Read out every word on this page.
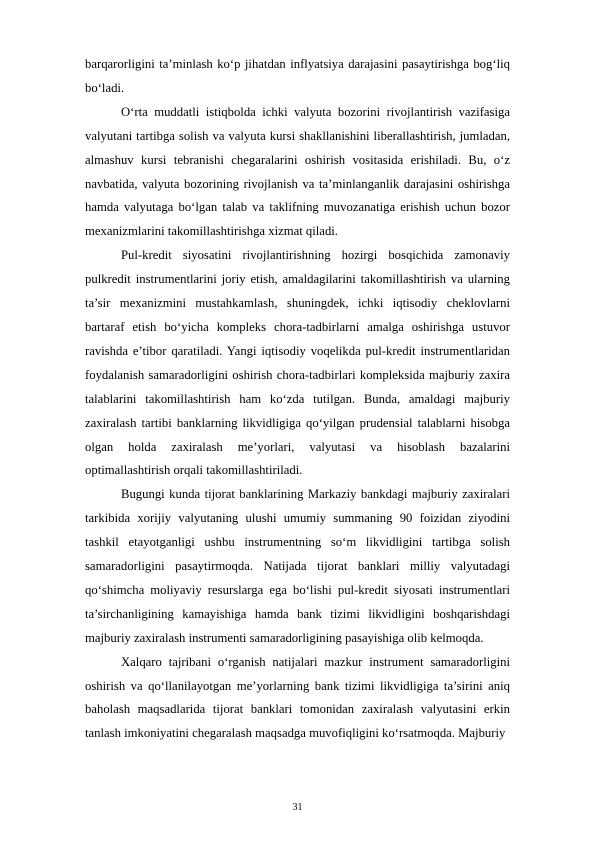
barqarorligini ta’minlash ko‘p jihatdan inflyatsiya darajasini pasaytirishga bog‘liq bo‘ladi.

O‘rta muddatli istiqbolda ichki valyuta bozorini rivojlantirish vazifasiga valyutani tartibga solish va valyuta kursi shakllanishini liberallashtirish, jumladan, almashuv kursi tebranishi chegaralarini oshirish vositasida erishiladi. Bu, o‘z navbatida, valyuta bozorining rivojlanish va ta’minlanganlik darajasini oshirishga hamda valyutaga bo‘lgan talab va taklifning muvozanatiga erishish uchun bozor mexanizmlarini takomillashtirishga xizmat qiladi.

Pul-kredit siyosatini rivojlantirishning hozirgi bosqichida zamonaviy pulkredit instrumentlarini joriy etish, amaldagilarini takomillashtirish va ularning ta’sir mexanizmini mustahkamlash, shuningdek, ichki iqtisodiy cheklovlarni bartaraf etish bo‘yicha kompleks chora-tadbirlarni amalga oshirishga ustuvor ravishda e’tibor qaratiladi. Yangi iqtisodiy voqelikda pul-kredit instrumentlaridan foydalanish samaradorligini oshirish chora-tadbirlari kompleksida majburiy zaxira talablarini takomillashtirish ham ko‘zda tutilgan. Bunda, amaldagi majburiy zaxiralash tartibi banklarning likvidligiga qo‘yilgan prudensial talablarni hisobga olgan holda zaxiralash me’yorlari, valyutasi va hisoblash bazalarini optimallashtirish orqali takomillashtiriladi.

Bugungi kunda tijorat banklarining Markaziy bankdagi majburiy zaxiralari tarkibida xorijiy valyutaning ulushi umumiy summaning 90 foizidan ziyodini tashkil etayotganligi ushbu instrumentning so‘m likvidligini tartibga solish samaradorligini pasaytirmoqda. Natijada tijorat banklari milliy valyutadagi qo‘shimcha moliyaviy resurslarga ega bo‘lishi pul-kredit siyosati instrumentlari ta’sirchanligining kamayishiga hamda bank tizimi likvidligini boshqarishdagi majburiy zaxiralash instrumenti samaradorligining pasayishiga olib kelmoqda.

Xalqaro tajribani o‘rganish natijalari mazkur instrument samaradorligini oshirish va qo‘llanilayotgan me’yorlarning bank tizimi likvidligiga ta’sirini aniq baholash maqsadlarida tijorat banklari tomonidan zaxiralash valyutasini erkin tanlash imkoniyatini chegaralash maqsadga muvofiqligini ko‘rsatmoqda. Majburiy

31
